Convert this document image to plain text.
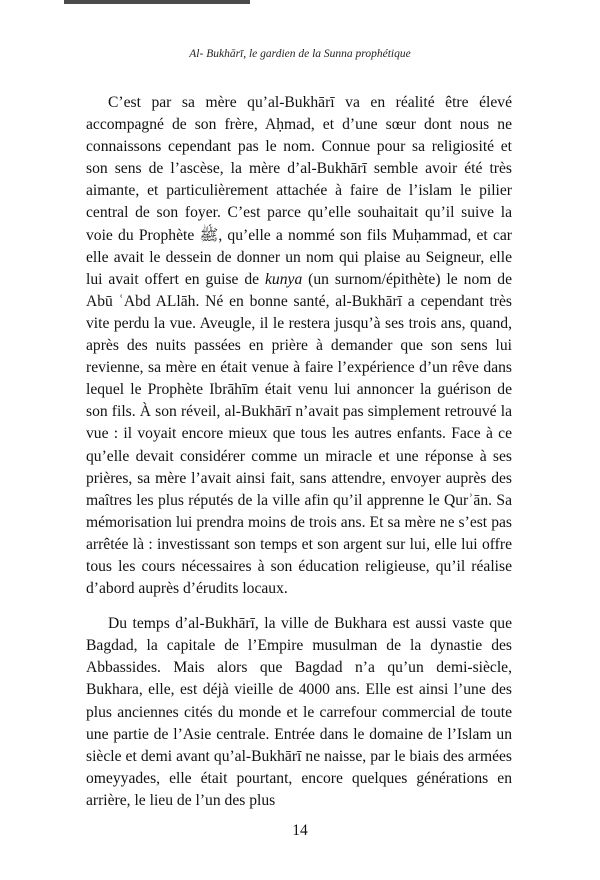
Al- Bukhārī, le gardien de la Sunna prophétique

C’est par sa mère qu’al-Bukhārī va en réalité être élevé accompagné de son frère, Aḥmad, et d’une sœur dont nous ne connaissons cependant pas le nom. Connue pour sa religiosité et son sens de l’ascèse, la mère d’al-Bukhārī semble avoir été très aimante, et particulièrement attachée à faire de l’islam le pilier central de son foyer. C’est parce qu’elle souhaitait qu’il suive la voie du Prophète ﷺ, qu’elle a nommé son fils Muḥammad, et car elle avait le dessein de donner un nom qui plaise au Seigneur, elle lui avait offert en guise de kunya (un surnom/épithète) le nom de Abū ʿAbd ALlāh. Né en bonne santé, al-Bukhārī a cependant très vite perdu la vue. Aveugle, il le restera jusqu’à ses trois ans, quand, après des nuits passées en prière à demander que son sens lui revienne, sa mère en était venue à faire l’expérience d’un rêve dans lequel le Prophète Ibrāhīm était venu lui annoncer la guérison de son fils. À son réveil, al-Bukhārī n’avait pas simplement retrouvé la vue : il voyait encore mieux que tous les autres enfants. Face à ce qu’elle devait considérer comme un miracle et une réponse à ses prières, sa mère l’avait ainsi fait, sans attendre, envoyer auprès des maîtres les plus réputés de la ville afin qu’il apprenne le Qurʾān. Sa mémorisation lui prendra moins de trois ans. Et sa mère ne s’est pas arrêtée là : investissant son temps et son argent sur lui, elle lui offre tous les cours nécessaires à son éducation religieuse, qu’il réalise d’abord auprès d’érudits locaux.

Du temps d’al-Bukhārī, la ville de Bukhara est aussi vaste que Bagdad, la capitale de l’Empire musulman de la dynastie des Abbassides. Mais alors que Bagdad n’a qu’un demi-siècle, Bukhara, elle, est déjà vieille de 4000 ans. Elle est ainsi l’une des plus anciennes cités du monde et le carrefour commercial de toute une partie de l’Asie centrale. Entrée dans le domaine de l’Islam un siècle et demi avant qu’al-Bukhārī ne naisse, par le biais des armées omeyyades, elle était pourtant, encore quelques générations en arrière, le lieu de l’un des plus

14
